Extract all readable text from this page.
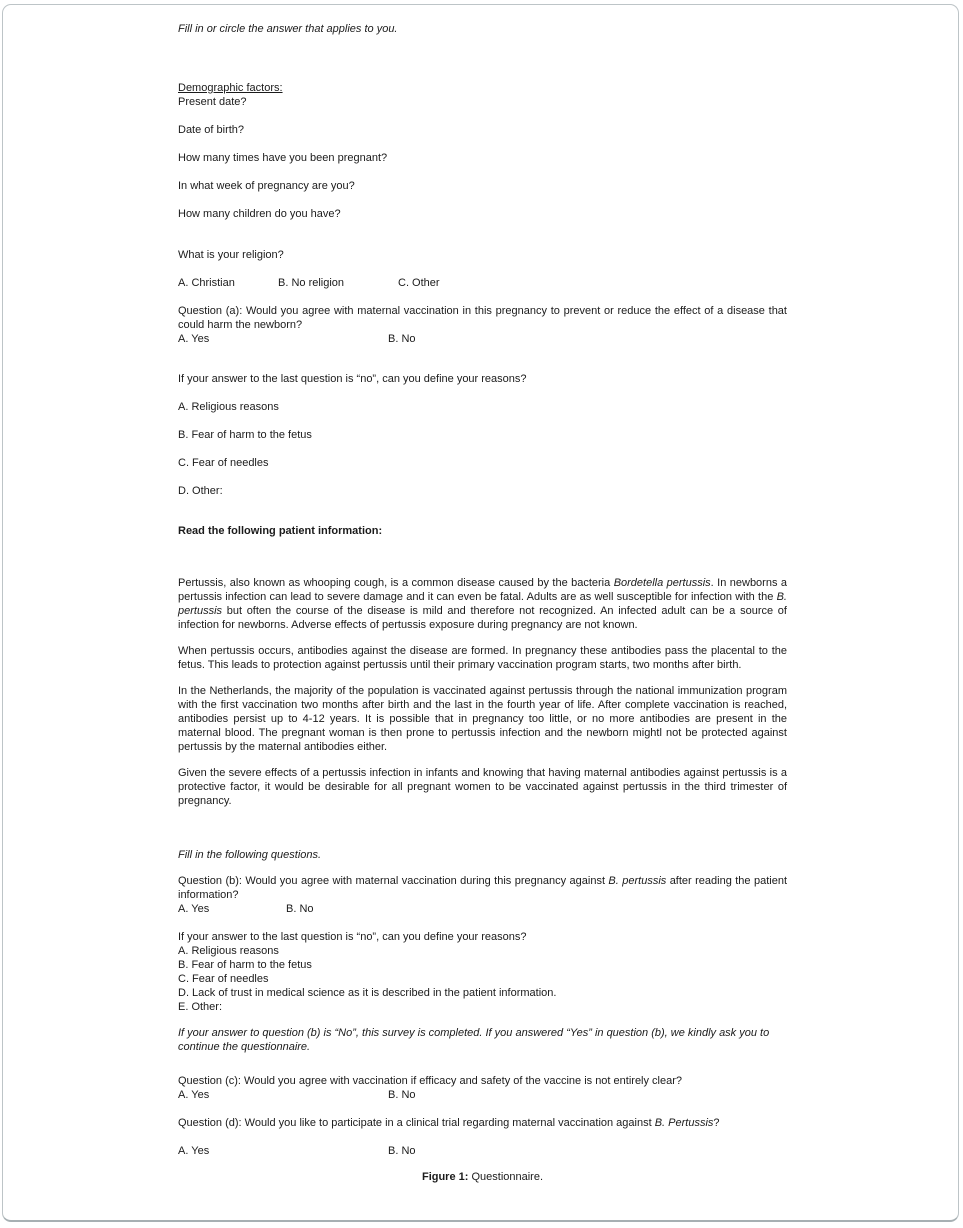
Fill in or circle the answer that applies to you.

Demographic factors:

Present date?

Date of birth?

How many times have you been pregnant?

In what week of pregnancy are you?

How many children do you have?

What is your religion?

A. Christian	B. No religion	C. Other

Question (a): Would you agree with maternal vaccination in this pregnancy to prevent or reduce the effect of a disease that could harm the newborn?

A. Yes	B. No

If your answer to the last question is “no”, can you define your reasons?

A. Religious reasons

B. Fear of harm to the fetus

C. Fear of needles

D. Other:

Read the following patient information:

Pertussis, also known as whooping cough, is a common disease caused by the bacteria Bordetella pertussis. In newborns a pertussis infection can lead to severe damage and it can even be fatal. Adults are as well susceptible for infection with the B. pertussis but often the course of the disease is mild and therefore not recognized. An infected adult can be a source of infection for newborns. Adverse effects of pertussis exposure during pregnancy are not known.

When pertussis occurs, antibodies against the disease are formed. In pregnancy these antibodies pass the placental to the fetus. This leads to protection against pertussis until their primary vaccination program starts, two months after birth.

In the Netherlands, the majority of the population is vaccinated against pertussis through the national immunization program with the first vaccination two months after birth and the last in the fourth year of life. After complete vaccination is reached, antibodies persist up to 4-12 years. It is possible that in pregnancy too little, or no more antibodies are present in the maternal blood. The pregnant woman is then prone to pertussis infection and the newborn mightl not be protected against pertussis by the maternal antibodies either.

Given the severe effects of a pertussis infection in infants and knowing that having maternal antibodies against pertussis is a protective factor, it would be desirable for all pregnant women to be vaccinated against pertussis in the third trimester of pregnancy.

Fill in the following questions.

Question (b): Would you agree with maternal vaccination during this pregnancy against B. pertussis after reading the patient information?

A. Yes	B. No

If your answer to the last question is “no”, can you define your reasons?

A. Religious reasons

B. Fear of harm to the fetus

C. Fear of needles

D. Lack of trust in medical science as it is described in the patient information.

E. Other:

If your answer to question (b) is “No”, this survey is completed. If you answered “Yes” in question (b), we kindly ask you to continue the questionnaire.

Question (c): Would you agree with vaccination if efficacy and safety of the vaccine is not entirely clear?

A. Yes	B. No

Question (d): Would you like to participate in a clinical trial regarding maternal vaccination against B. Pertussis?

A. Yes	B. No

Figure 1: Questionnaire.
